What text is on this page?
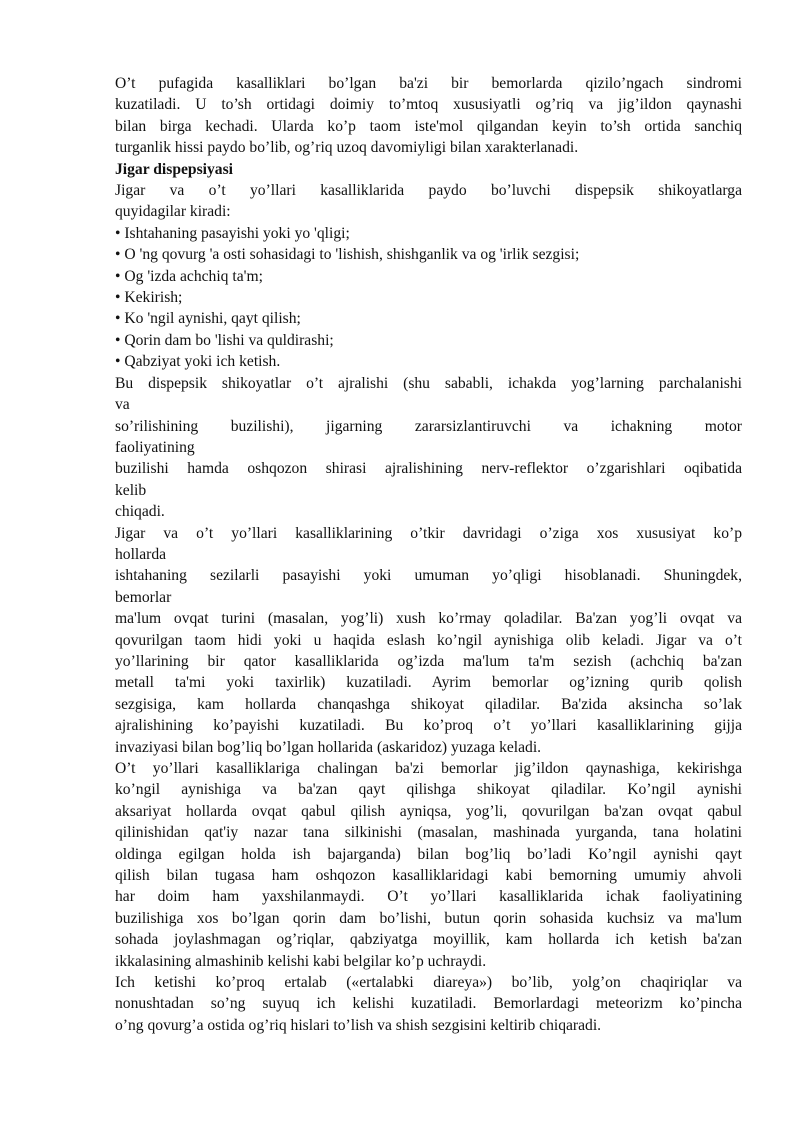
O’t pufagida kasalliklari bo’lgan ba'zi bir bemorlarda qizilo’ngach sindromi

kuzatiladi. U to’sh ortidagi doimiy to’mtoq xususiyatli og’riq va jig’ildon qaynashi

bilan birga kechadi. Ularda ko’p taom iste'mol qilgandan keyin to’sh ortida sanchiq

turganlik hissi paydo bo’lib, og’riq uzoq davomiyligi bilan xarakterlanadi.

Jigar dispepsiyasi

Jigar va o’t yo’llari kasalliklarida paydo bo’luvchi dispepsik shikoyatlarga

quyidagilar kiradi:

• Ishtahaning pasayishi yoki yo 'qligi;

• O 'ng qovurg 'a osti sohasidagi to 'lishish, shishganlik va og 'irlik sezgisi;

• Og 'izda achchiq ta'm;

• Kekirish;

• Ko 'ngil aynishi, qayt qilish;

• Qorin dam bo 'lishi va quldirashi;

• Qabziyat yoki ich ketish.

Bu dispepsik shikoyatlar o’t ajralishi (shu sababli, ichakda yog’larning parchalanishi

va

so’rilishining buzilishi), jigarning zararsizlantiruvchi va ichakning motor

faoliyatining

buzilishi hamda oshqozon shirasi ajralishining nerv-reflektor o’zgarishlari oqibatida

kelib

chiqadi.

Jigar va o’t yo’llari kasalliklarining o’tkir davridagi o’ziga xos xususiyat ko’p

hollarda

ishtahaning sezilarli pasayishi yoki umuman yo’qligi hisoblanadi. Shuningdek,

bemorlar

ma'lum ovqat turini (masalan, yog’li) xush ko’rmay qoladilar. Ba'zan yog’li ovqat va

qovurilgan taom hidi yoki u haqida eslash ko’ngil aynishiga olib keladi. Jigar va o’t

yo’llarining bir qator kasalliklarida og’izda ma'lum ta'm sezish (achchiq ba'zan

metall ta'mi yoki taxirlik) kuzatiladi. Ayrim bemorlar og’izning qurib qolish

sezgisiga, kam hollarda chanqashga shikoyat qiladilar. Ba'zida aksincha so’lak

ajralishining ko’payishi kuzatiladi. Bu ko’proq o’t yo’llari kasalliklarining gijja

invaziyasi bilan bog’liq bo’lgan hollarida (askaridoz) yuzaga keladi.

O’t yo’llari kasalliklariga chalingan ba'zi bemorlar jig’ildon qaynashiga, kekirishga

ko’ngil aynishiga va ba'zan qayt qilishga shikoyat qiladilar. Ko’ngil aynishi

aksariyat hollarda ovqat qabul qilish ayniqsa, yog’li, qovurilgan ba'zan ovqat qabul

qilinishidan qat'iy nazar tana silkinishi (masalan, mashinada yurganda, tana holatini

oldinga egilgan holda ish bajarganda) bilan bog’liq bo’ladi Ko’ngil aynishi qayt

qilish bilan tugasa ham oshqozon kasalliklaridagi kabi bemorning umumiy ahvoli

har doim ham yaxshilanmaydi. O’t yo’llari kasalliklarida ichak faoliyatining

buzilishiga xos bo’lgan qorin dam bo’lishi, butun qorin sohasida kuchsiz va ma'lum

sohada joylashmagan og’riqlar, qabziyatga moyillik, kam hollarda ich ketish ba'zan

ikkalasining almashinib kelishi kabi belgilar ko’p uchraydi.

Ich ketishi ko’proq ertalab («ertalabki diareya») bo’lib, yolg’on chaqiriqlar va

nonushtadan so’ng suyuq ich kelishi kuzatiladi. Bemorlardagi meteorizm ko’pincha

o’ng qovurg’a ostida og’riq hislari to’lish va shish sezgisini keltirib chiqaradi.
